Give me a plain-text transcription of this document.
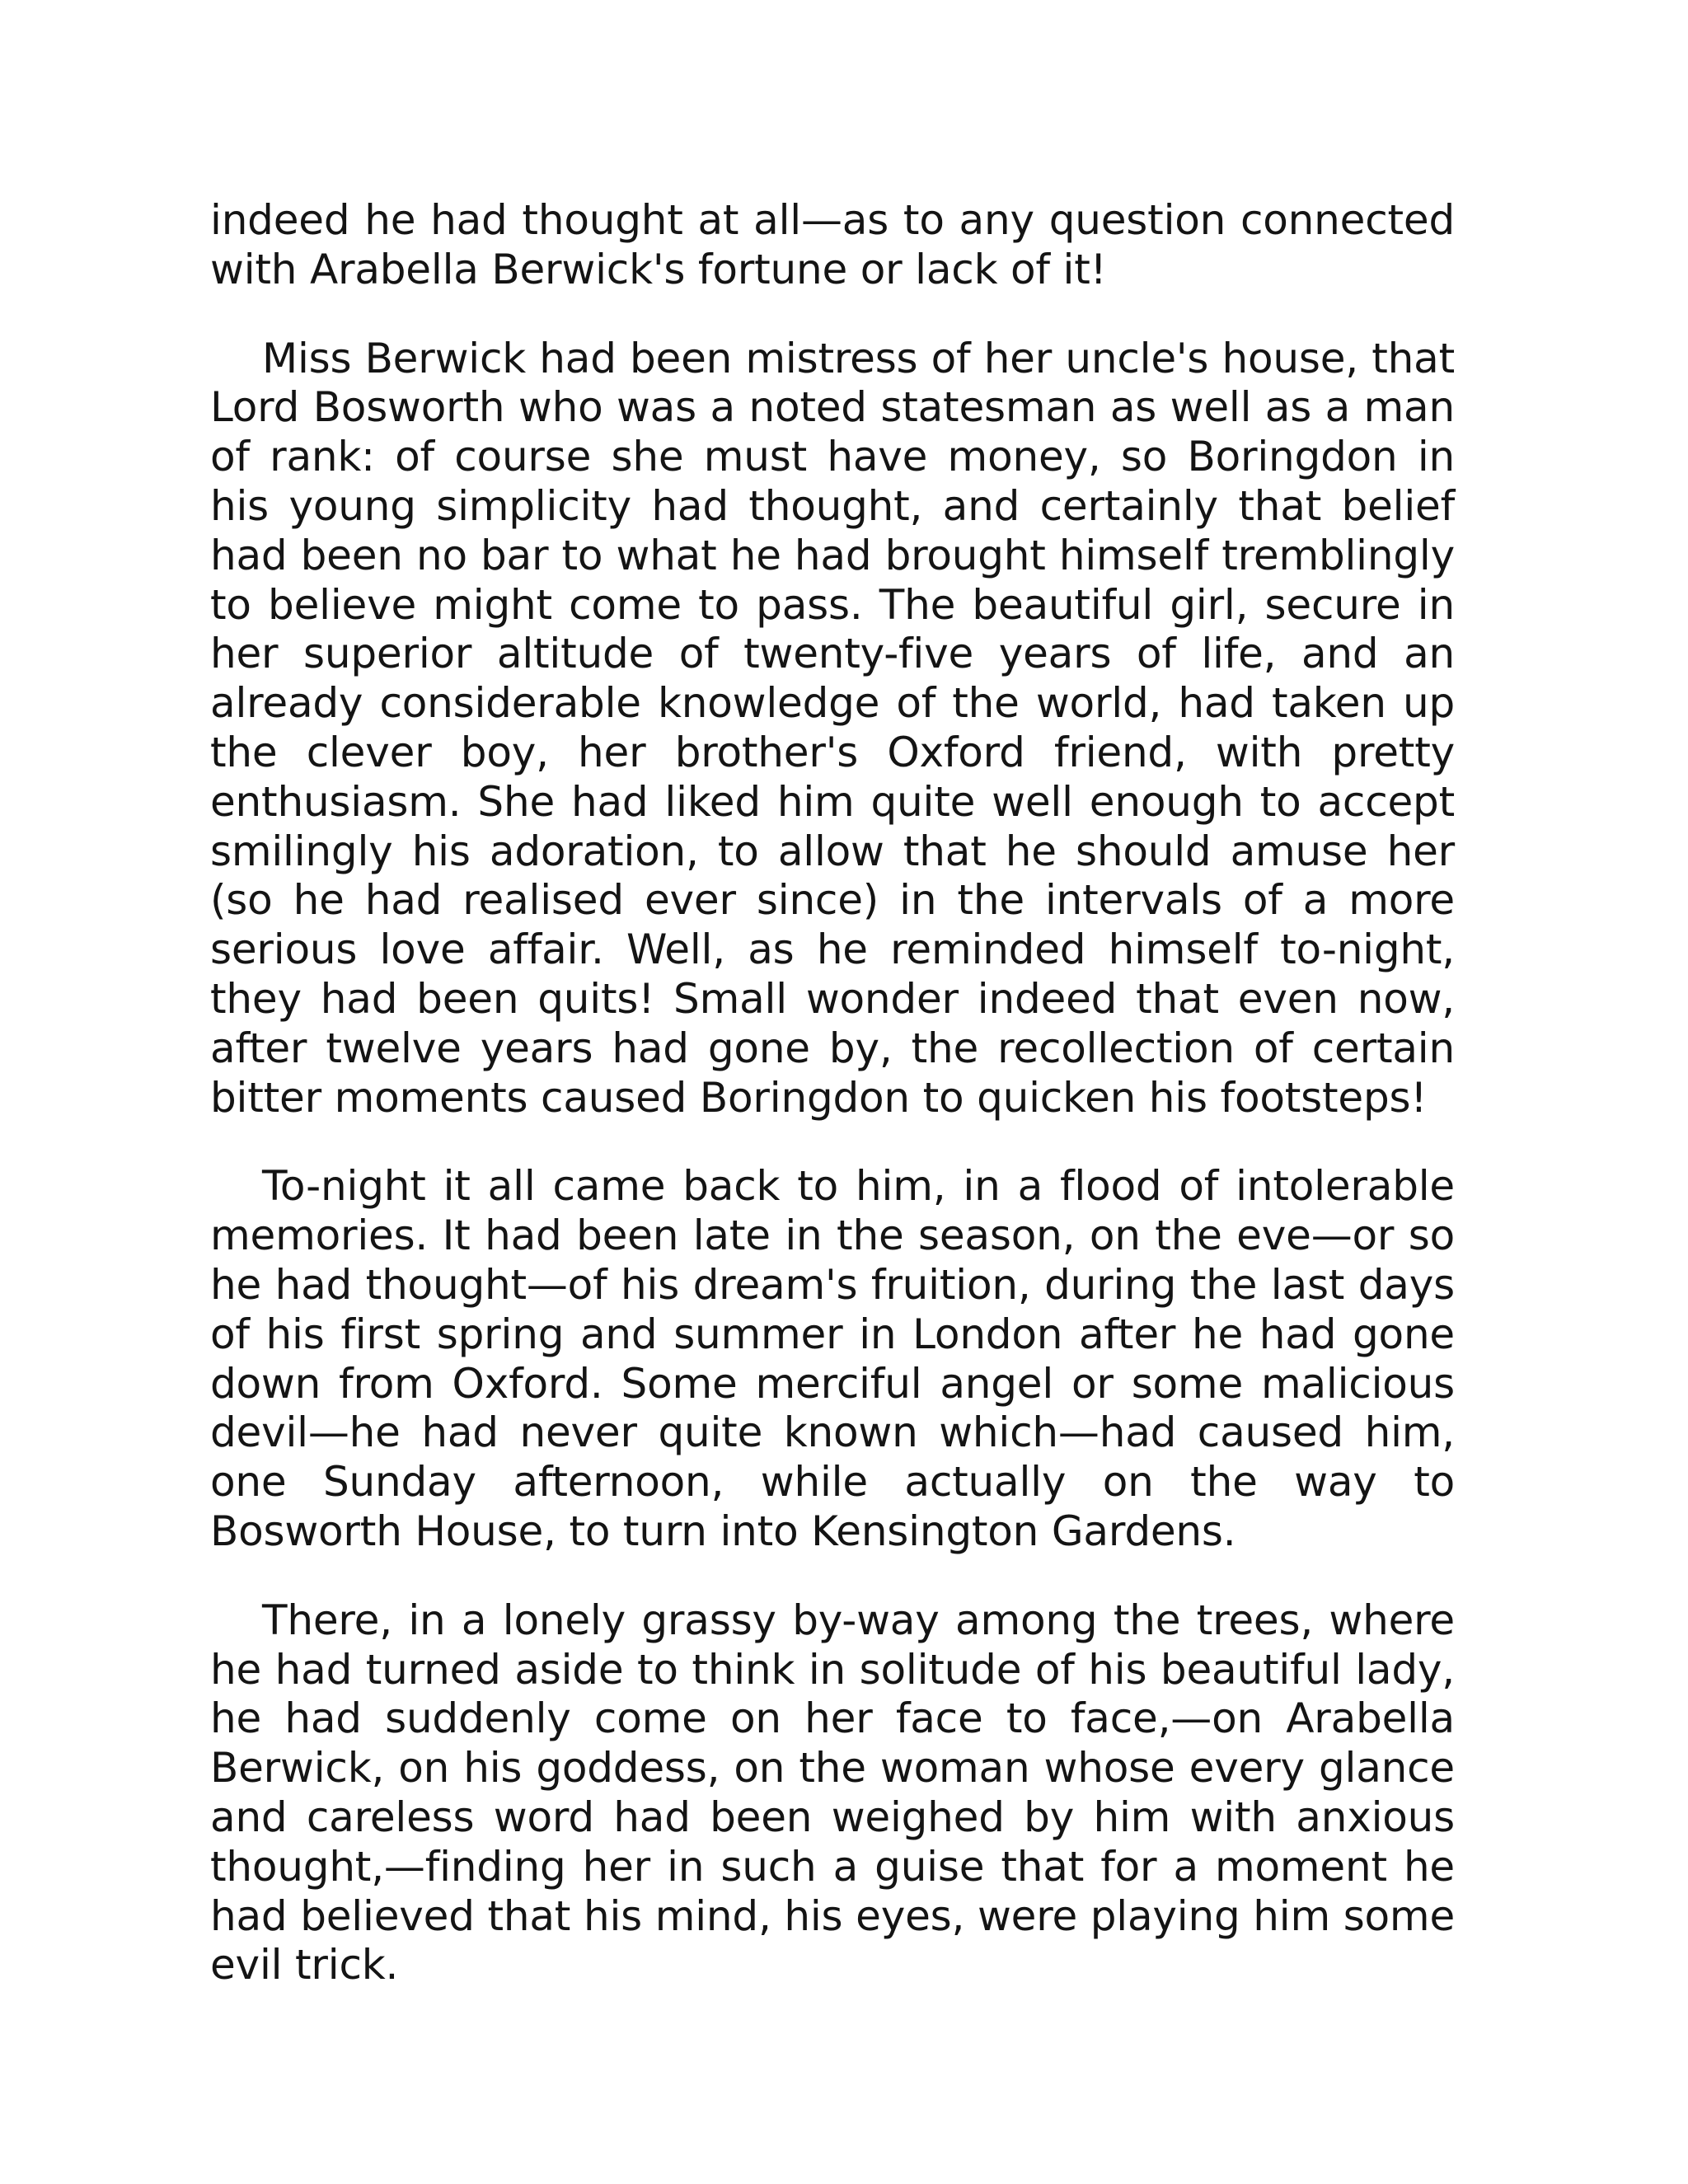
indeed he had thought at all—as to any question connected with Arabella Berwick's fortune or lack of it!

Miss Berwick had been mistress of her uncle's house, that Lord Bosworth who was a noted statesman as well as a man of rank: of course she must have money, so Boringdon in his young simplicity had thought, and certainly that belief had been no bar to what he had brought himself tremblingly to believe might come to pass. The beautiful girl, secure in her superior altitude of twenty-five years of life, and an already considerable knowledge of the world, had taken up the clever boy, her brother's Oxford friend, with pretty enthusiasm. She had liked him quite well enough to accept smilingly his adoration, to allow that he should amuse her (so he had realised ever since) in the intervals of a more serious love affair. Well, as he reminded himself to-night, they had been quits! Small wonder indeed that even now, after twelve years had gone by, the recollection of certain bitter moments caused Boringdon to quicken his footsteps!

To-night it all came back to him, in a flood of intolerable memories. It had been late in the season, on the eve—or so he had thought—of his dream's fruition, during the last days of his first spring and summer in London after he had gone down from Oxford. Some merciful angel or some malicious devil—he had never quite known which—had caused him, one Sunday afternoon, while actually on the way to Bosworth House, to turn into Kensington Gardens.

There, in a lonely grassy by-way among the trees, where he had turned aside to think in solitude of his beautiful lady, he had suddenly come on her face to face,—on Arabella Berwick, on his goddess, on the woman whose every glance and careless word had been weighed by him with anxious thought,—finding her in such a guise that for a moment he had believed that his mind, his eyes, were playing him some evil trick.
